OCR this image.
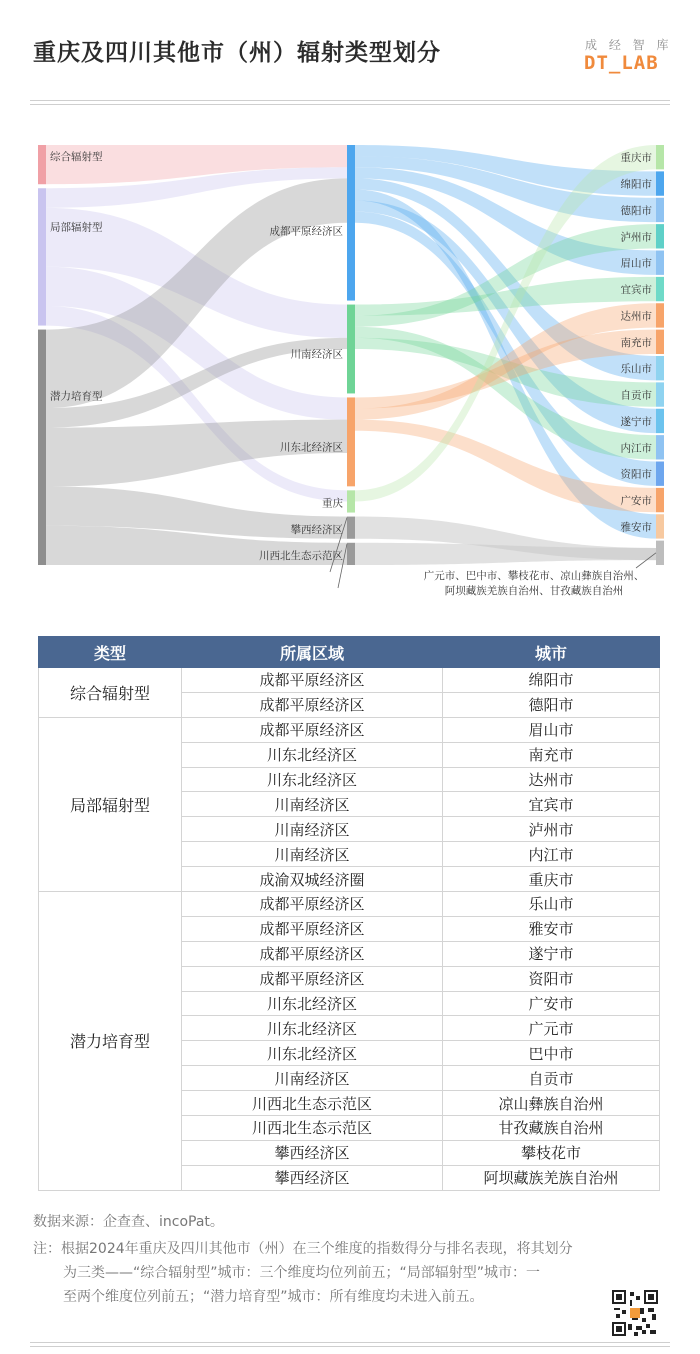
重庆及四川其他市（州）辐射类型划分	成 经 智 库
DT_LAB
综合辐射型
局部辐射型
潜力培育型
成都平原经济区
川南经济区
川东北经济区
重庆
攀西经济区
川西北生态示范区
重庆市
绵阳市
德阳市
泸州市
眉山市
宜宾市
达州市
南充市
乐山市
自贡市
遂宁市
内江市
资阳市
广安市
雅安市
广元市、巴中市、攀枝花市、凉山彝族自治州、阿坝藏族羌族自治州、甘孜藏族自治州
类型	所属区域	城市
综合辐射型	成都平原经济区	绵阳市
	成都平原经济区	德阳市
局部辐射型	成都平原经济区	眉山市
	川东北经济区	南充市
	川东北经济区	达州市
	川南经济区	宜宾市
	川南经济区	泸州市
	川南经济区	内江市
	成渝双城经济圈	重庆市
潜力培育型	成都平原经济区	乐山市
	成都平原经济区	雅安市
	成都平原经济区	遂宁市
	成都平原经济区	资阳市
	川东北经济区	广安市
	川东北经济区	广元市
	川东北经济区	巴中市
	川南经济区	自贡市
	川西北生态示范区	凉山彝族自治州
	川西北生态示范区	甘孜藏族自治州
	攀西经济区	攀枝花市
	攀西经济区	阿坝藏族羌族自治州
数据来源：企查查、incoPat。
注：根据2024年重庆及四川其他市（州）在三个维度的指数得分与排名表现，将其划分
为三类——“综合辐射型”城市：三个维度均位列前五；“局部辐射型”城市：一
至两个维度位列前五；“潜力培育型”城市：所有维度均未进入前五。
